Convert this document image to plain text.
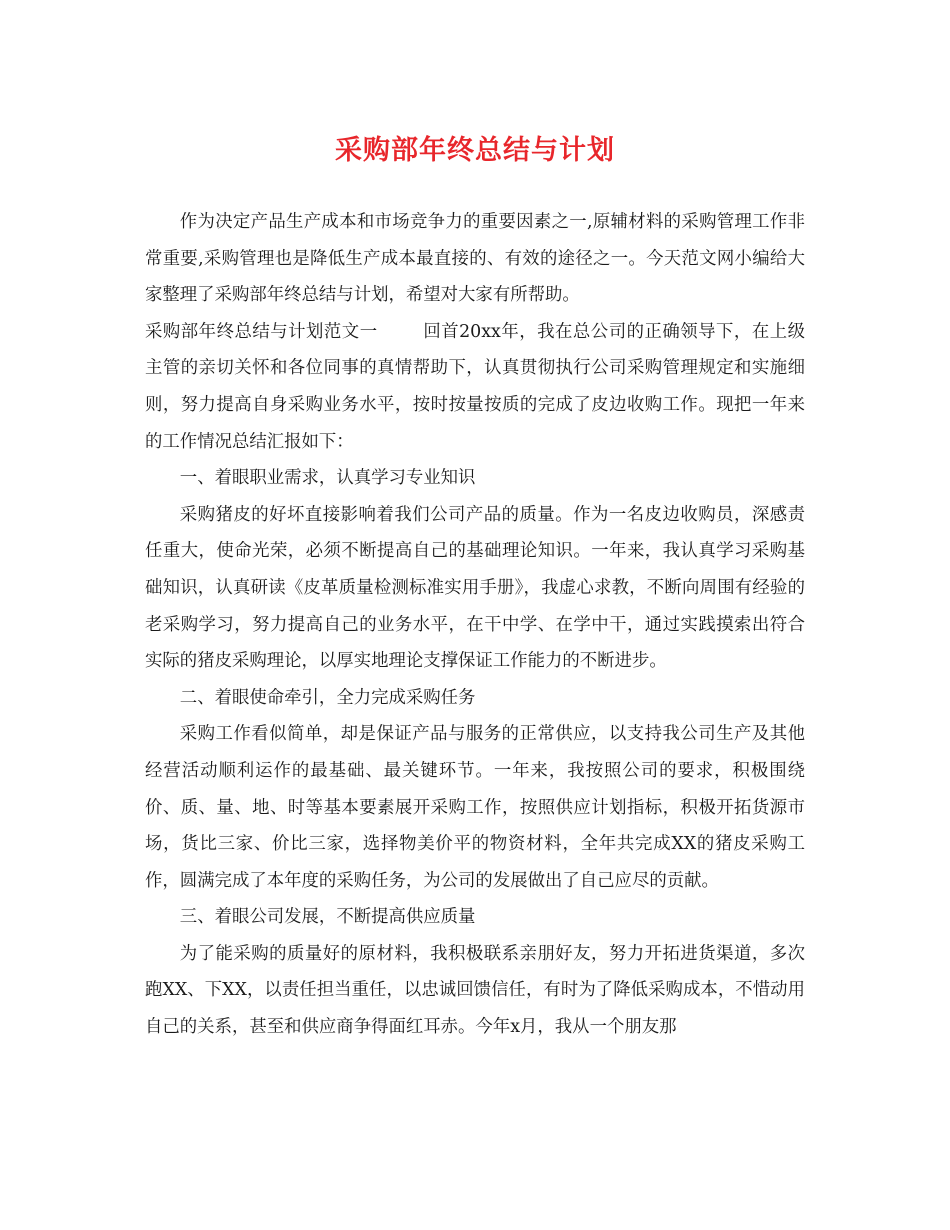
采购部年终总结与计划

作为决定产品生产成本和市场竞争力的重要因素之一,原辅材料的采购管理工作非常重要,采购管理也是降低生产成本最直接的、有效的途径之一。今天范文网小编给大家整理了采购部年终总结与计划，希望对大家有所帮助。

采购部年终总结与计划范文一	回首20xx年，我在总公司的正确领导下，在上级主管的亲切关怀和各位同事的真情帮助下，认真贯彻执行公司采购管理规定和实施细则，努力提高自身采购业务水平，按时按量按质的完成了皮边收购工作。现把一年来的工作情况总结汇报如下：

一、着眼职业需求，认真学习专业知识

采购猪皮的好坏直接影响着我们公司产品的质量。作为一名皮边收购员，深感责任重大，使命光荣，必须不断提高自己的基础理论知识。一年来，我认真学习采购基础知识，认真研读《皮革质量检测标准实用手册》，我虚心求教，不断向周围有经验的老采购学习，努力提高自己的业务水平，在干中学、在学中干，通过实践摸索出符合实际的猪皮采购理论，以厚实地理论支撑保证工作能力的不断进步。

二、着眼使命牵引，全力完成采购任务

采购工作看似简单，却是保证产品与服务的正常供应，以支持我公司生产及其他经营活动顺利运作的最基础、最关键环节。一年来，我按照公司的要求，积极围绕价、质、量、地、时等基本要素展开采购工作，按照供应计划指标，积极开拓货源市场，货比三家、价比三家，选择物美价平的物资材料，全年共完成XX的猪皮采购工作，圆满完成了本年度的采购任务，为公司的发展做出了自己应尽的贡献。

三、着眼公司发展，不断提高供应质量

为了能采购的质量好的原材料，我积极联系亲朋好友，努力开拓进货渠道，多次跑XX、下XX，以责任担当重任，以忠诚回馈信任，有时为了降低采购成本，不惜动用自己的关系，甚至和供应商争得面红耳赤。今年x月，我从一个朋友那
